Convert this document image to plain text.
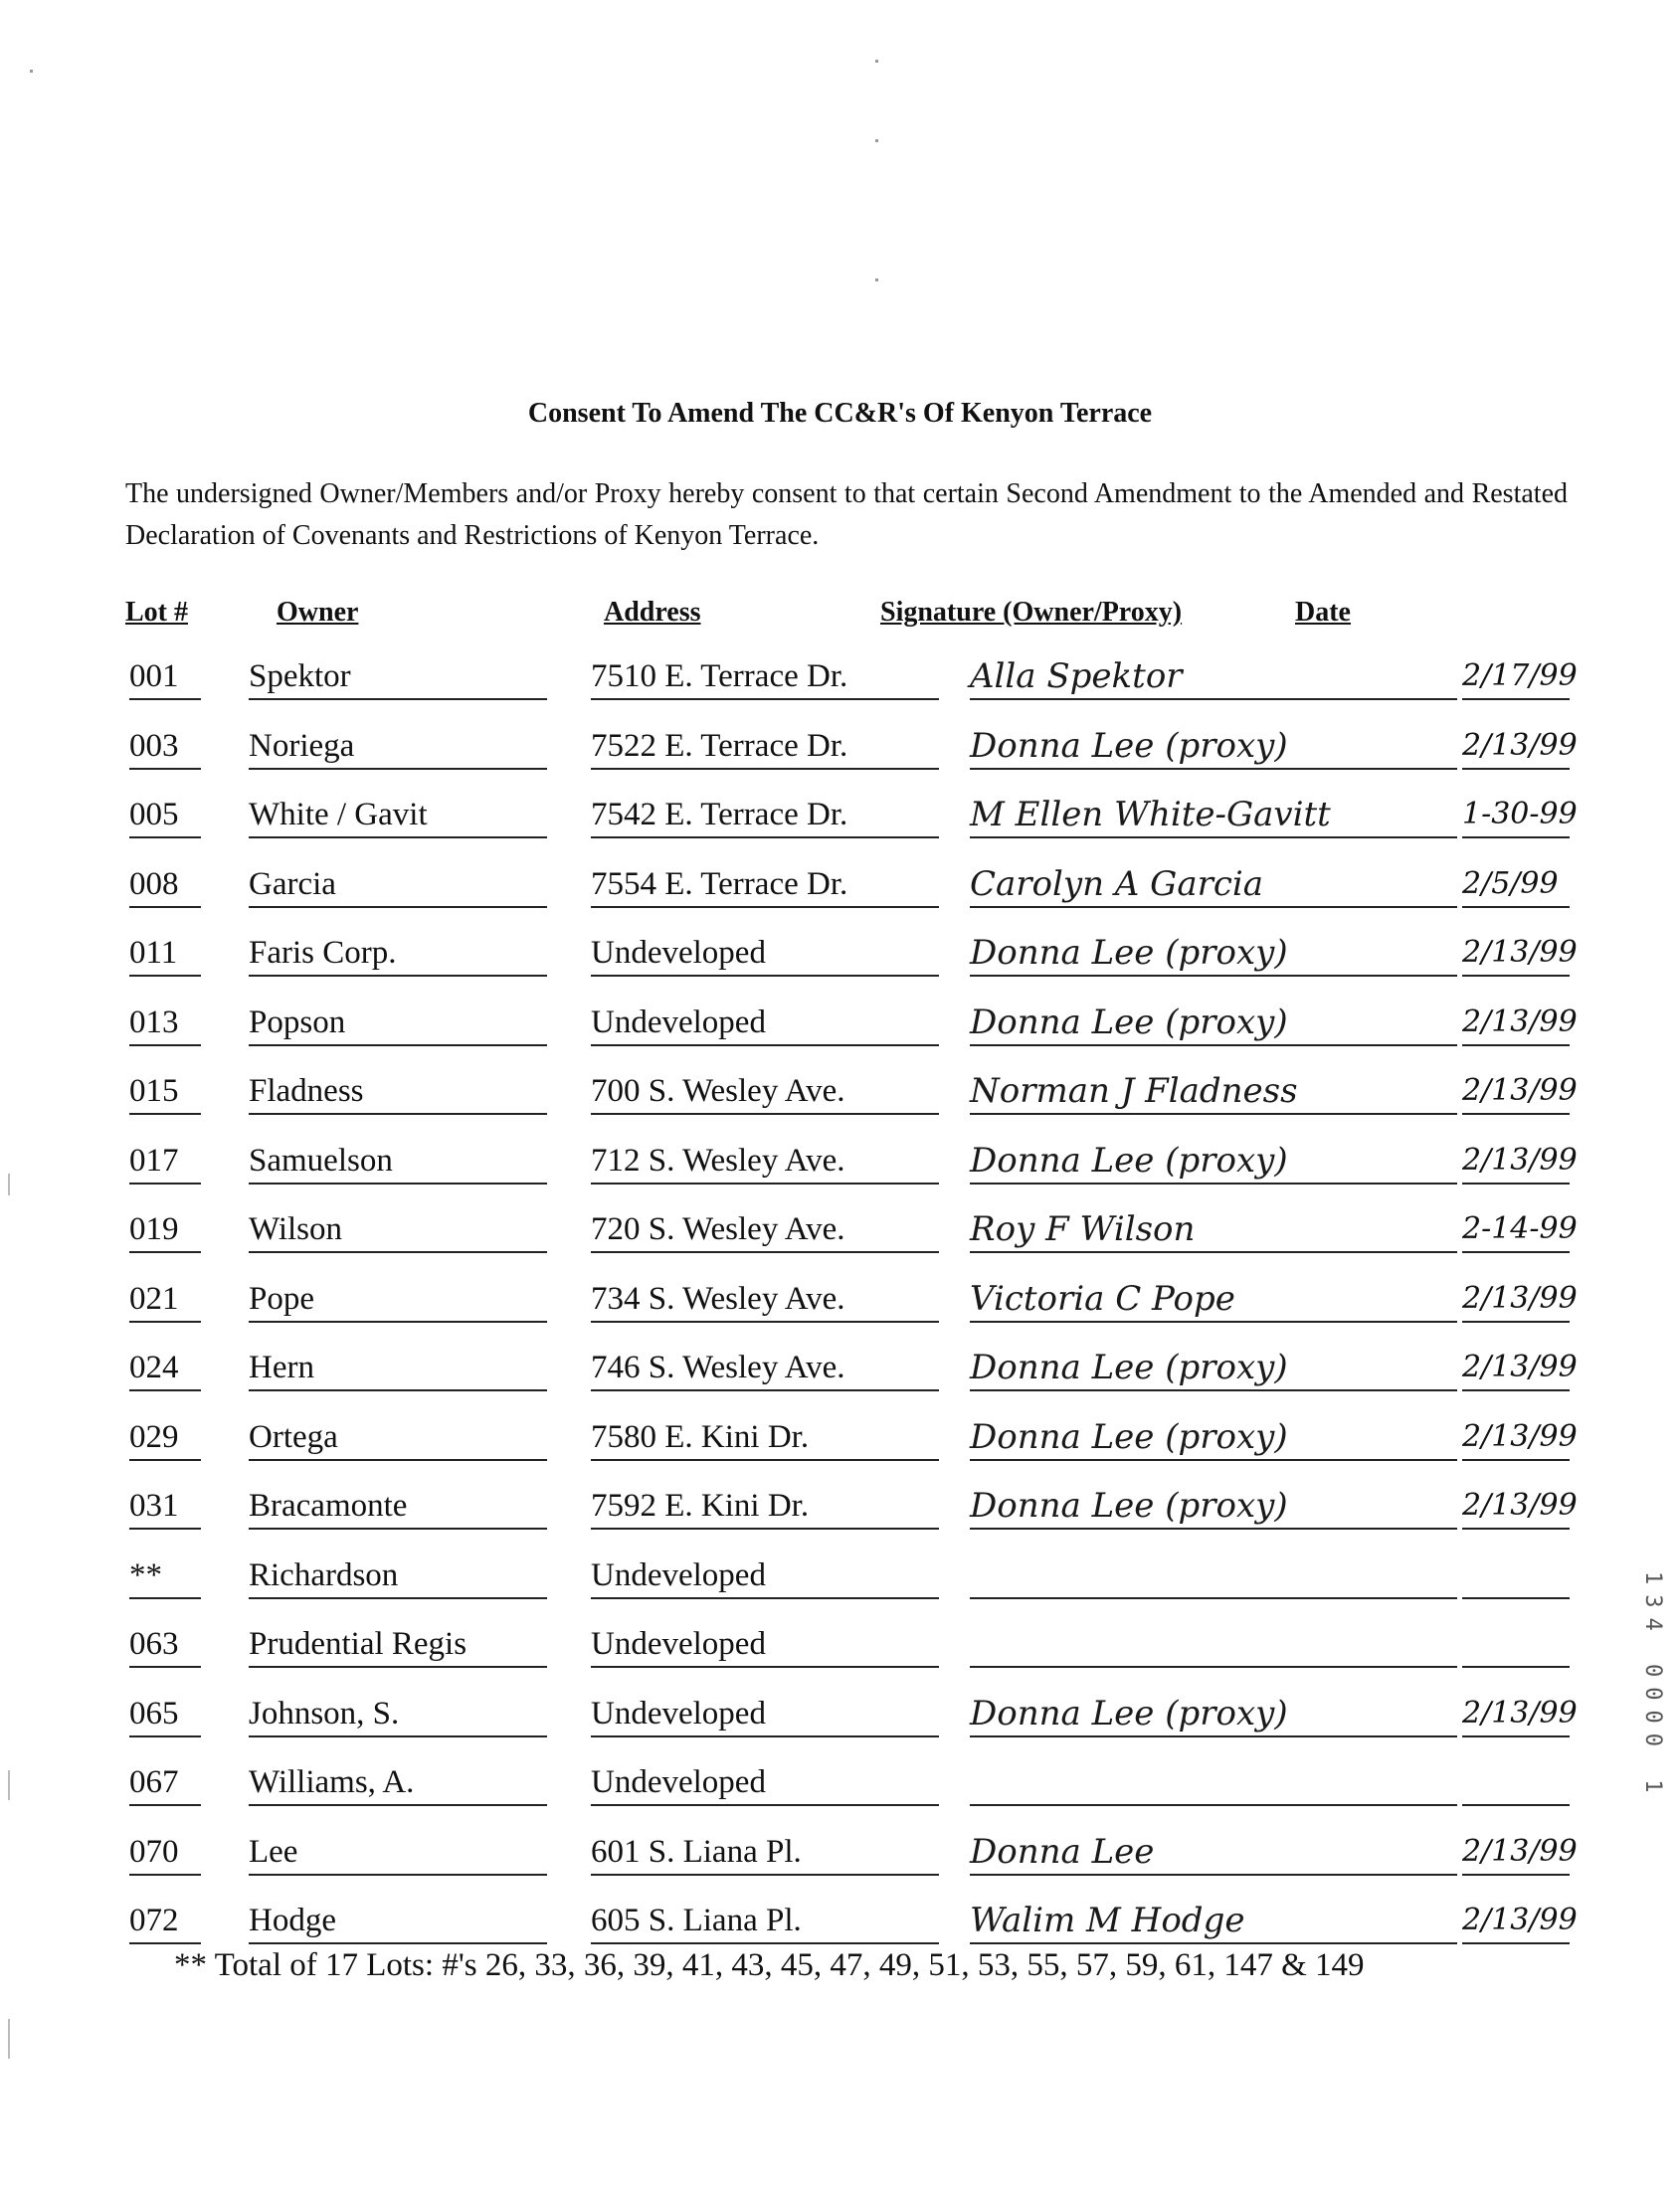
Consent To Amend The CC&R's Of Kenyon Terrace
The undersigned Owner/Members and/or Proxy hereby consent to that certain Second Amendment to the Amended and Restated Declaration of Covenants and Restrictions of Kenyon Terrace.
Lot #	Owner	Address	Signature (Owner/Proxy)	Date
001	Spektor	7510 E. Terrace Dr.	Alla Spektor	2/17/99
003	Noriega	7522 E. Terrace Dr.	Donna Lee (proxy)	2/13/99
005	White / Gavit	7542 E. Terrace Dr.	M Ellen White-Gavitt	1-30-99
008	Garcia	7554 E. Terrace Dr.	Carolyn A Garcia	2/5/99
011	Faris Corp.	Undeveloped	Donna Lee (proxy)	2/13/99
013	Popson	Undeveloped	Donna Lee (proxy)	2/13/99
015	Fladness	700 S. Wesley Ave.	Norman J Fladness	2/13/99
017	Samuelson	712 S. Wesley Ave.	Donna Lee (proxy)	2/13/99
019	Wilson	720 S. Wesley Ave.	Roy F Wilson	2-14-99
021	Pope	734 S. Wesley Ave.	Victoria C Pope	2/13/99
024	Hern	746 S. Wesley Ave.	Donna Lee (proxy)	2/13/99
029	Ortega	7580 E. Kini Dr.	Donna Lee (proxy)	2/13/99
031	Bracamonte	7592 E. Kini Dr.	Donna Lee (proxy)	2/13/99
**	Richardson	Undeveloped
063	Prudential Regis	Undeveloped
065	Johnson, S.	Undeveloped	Donna Lee (proxy)	2/13/99
067	Williams, A.	Undeveloped
070	Lee	601 S. Liana Pl.	Donna Lee	2/13/99
072	Hodge	605 S. Liana Pl.	Walim M Hodge	2/13/99
** Total of 17 Lots: #'s 26, 33, 36, 39, 41, 43, 45, 47, 49, 51, 53, 55, 57, 59, 61, 147 & 149
134 0000 1
